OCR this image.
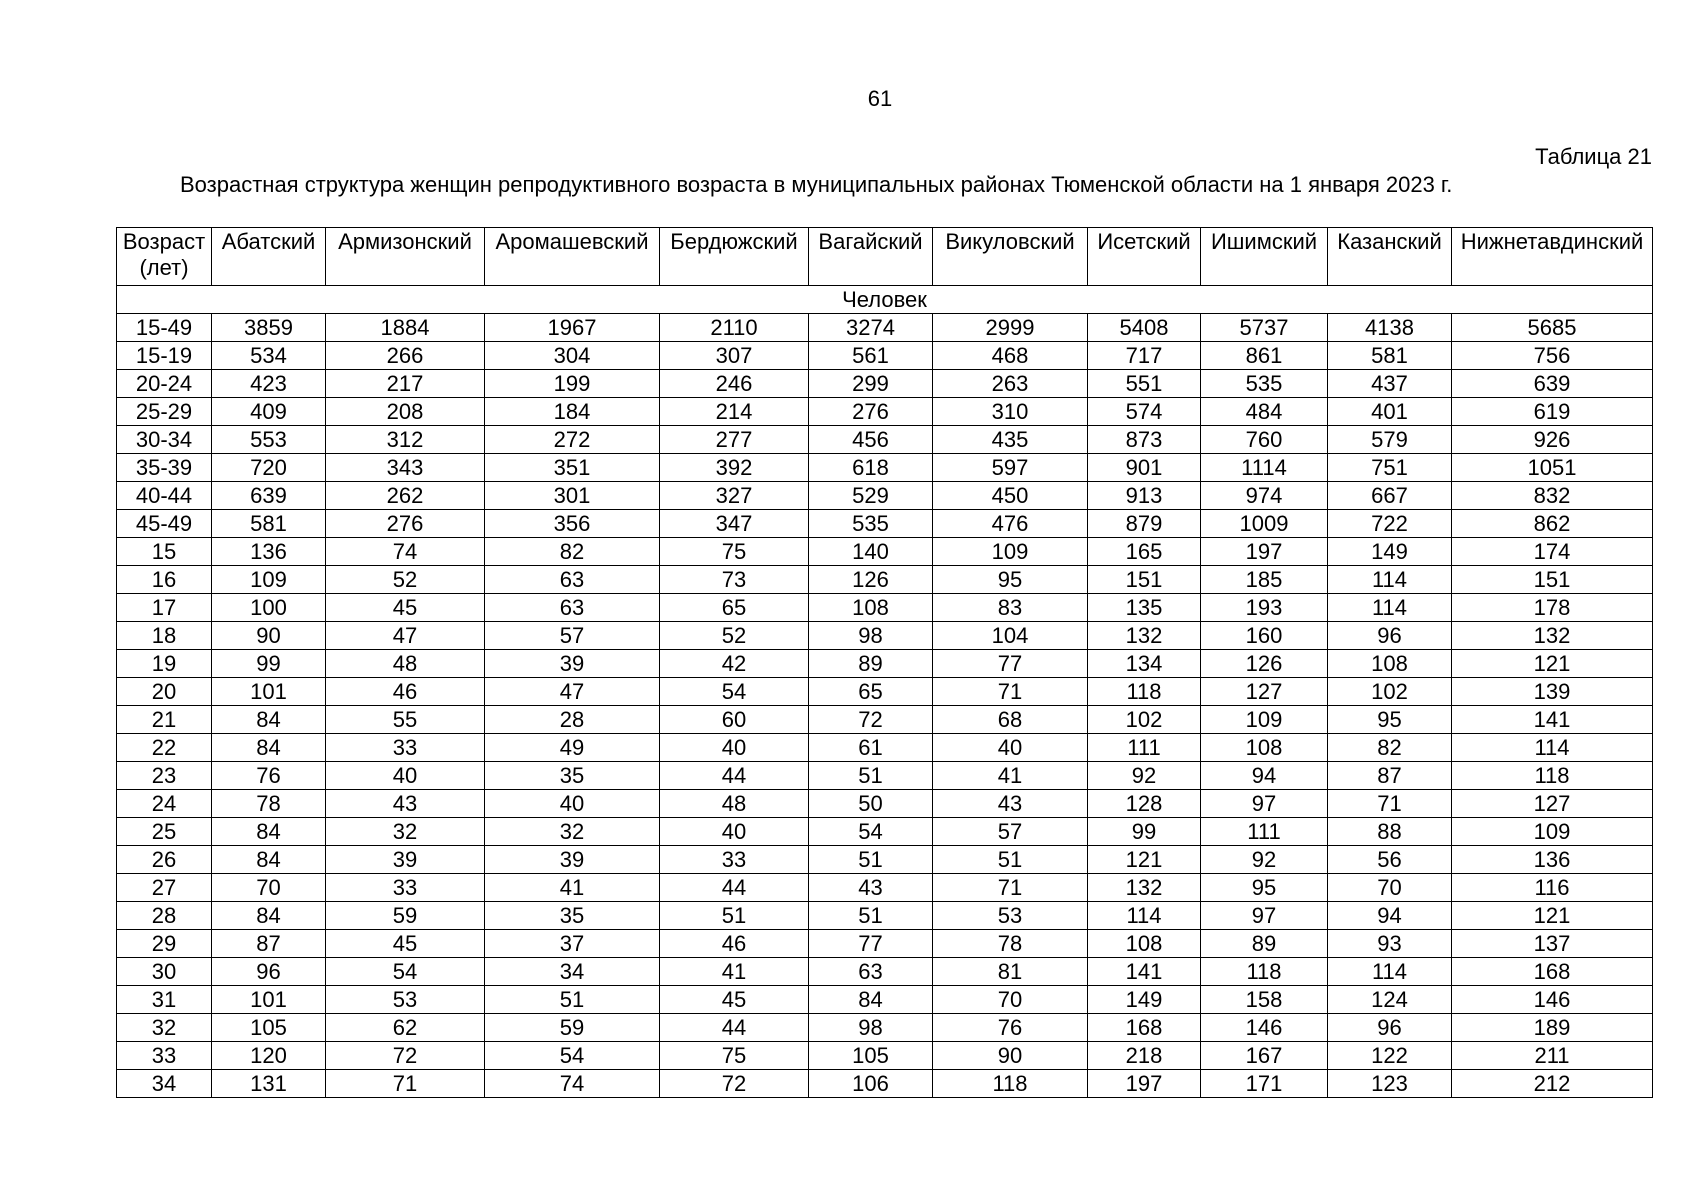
61
Таблица 21
Возрастная структура женщин репродуктивного возраста в муниципальных районах Тюменской области на 1 января 2023 г.
Возраст (лет)	Абатский	Армизонский	Аромашевский	Бердюжский	Вагайский	Викуловский	Исетский	Ишимский	Казанский	Нижнетавдинский
Человек										
15-49	3859	1884	1967	2110	3274	2999	5408	5737	4138	5685
15-19	534	266	304	307	561	468	717	861	581	756
20-24	423	217	199	246	299	263	551	535	437	639
25-29	409	208	184	214	276	310	574	484	401	619
30-34	553	312	272	277	456	435	873	760	579	926
35-39	720	343	351	392	618	597	901	1114	751	1051
40-44	639	262	301	327	529	450	913	974	667	832
45-49	581	276	356	347	535	476	879	1009	722	862
15	136	74	82	75	140	109	165	197	149	174
16	109	52	63	73	126	95	151	185	114	151
17	100	45	63	65	108	83	135	193	114	178
18	90	47	57	52	98	104	132	160	96	132
19	99	48	39	42	89	77	134	126	108	121
20	101	46	47	54	65	71	118	127	102	139
21	84	55	28	60	72	68	102	109	95	141
22	84	33	49	40	61	40	111	108	82	114
23	76	40	35	44	51	41	92	94	87	118
24	78	43	40	48	50	43	128	97	71	127
25	84	32	32	40	54	57	99	111	88	109
26	84	39	39	33	51	51	121	92	56	136
27	70	33	41	44	43	71	132	95	70	116
28	84	59	35	51	51	53	114	97	94	121
29	87	45	37	46	77	78	108	89	93	137
30	96	54	34	41	63	81	141	118	114	168
31	101	53	51	45	84	70	149	158	124	146
32	105	62	59	44	98	76	168	146	96	189
33	120	72	54	75	105	90	218	167	122	211
34	131	71	74	72	106	118	197	171	123	212
